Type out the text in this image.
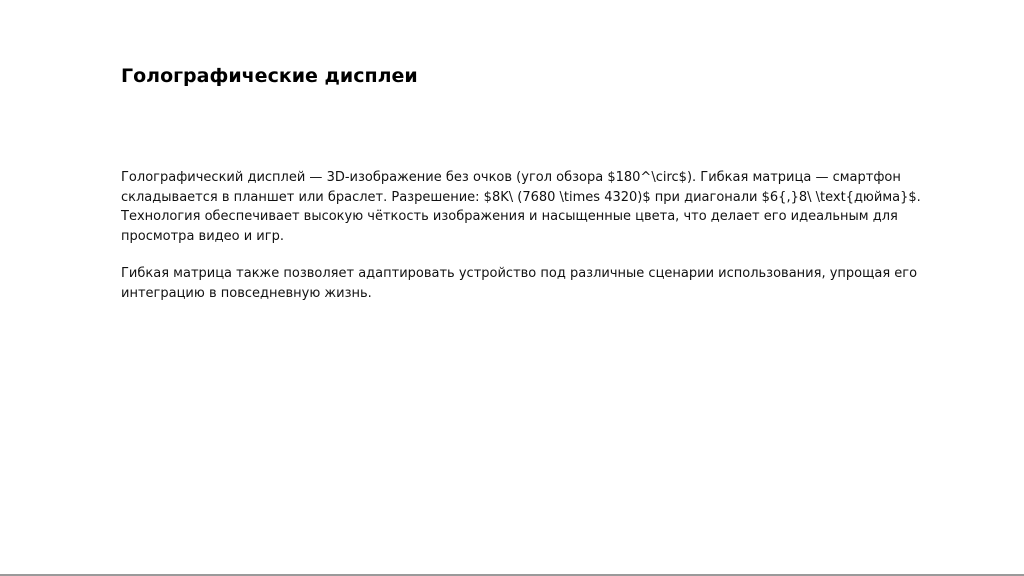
Голографические дисплеи

Голографический дисплей — 3D-изображение без очков (угол обзора $180^\circ$). Гибкая матрица — смартфон
складывается в планшет или браслет. Разрешение: $8K\ (7680 \times 4320)$ при диагонали $6{,}8\ \text{дюйма}$.
Технология обеспечивает высокую чёткость изображения и насыщенные цвета, что делает его идеальным для
просмотра видео и игр.

Гибкая матрица также позволяет адаптировать устройство под различные сценарии использования, упрощая его
интеграцию в повседневную жизнь.
